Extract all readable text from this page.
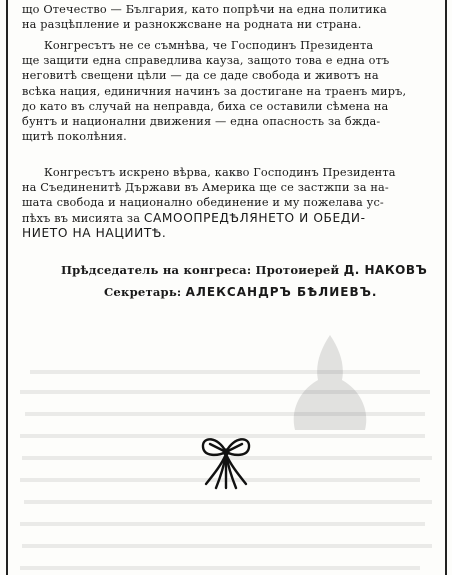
що Отечество — България, като попрѣчи на една политика
на разцѣпление и разнокжсване на родната ни страна.
Конгресътъ не се съмнѣва, че Господинъ Президента
ще защити една справедлива кауза, защото това е една отъ
неговитѣ свещени цѣли — да се даде свобода и животъ на
всѣка нация, единичния начинъ за достигане на траенъ миръ,
до като въ случай на неправда, биха се оставили сѣмена на
бунтъ и национални движения — една опасность за бжда-
щитѣ поколѣния.
Конгресътъ искрено вѣрва, какво Господинъ Президента
на Съединенитѣ Държави въ Америка ще се застжпи за на-
шата свобода и национално обединение и му пожелава ус-
пѣхъ въ мисията за САМООПРЕДѢЛЯНЕТО И ОБЕДИ-
НИЕТО НА НАЦИИТѢ.
Прѣдседатель на конгреса: Протоиерей Д. НАКОВЪ
Секретарь: АЛЕКСАНДРЪ БѢЛИЕВЪ.
